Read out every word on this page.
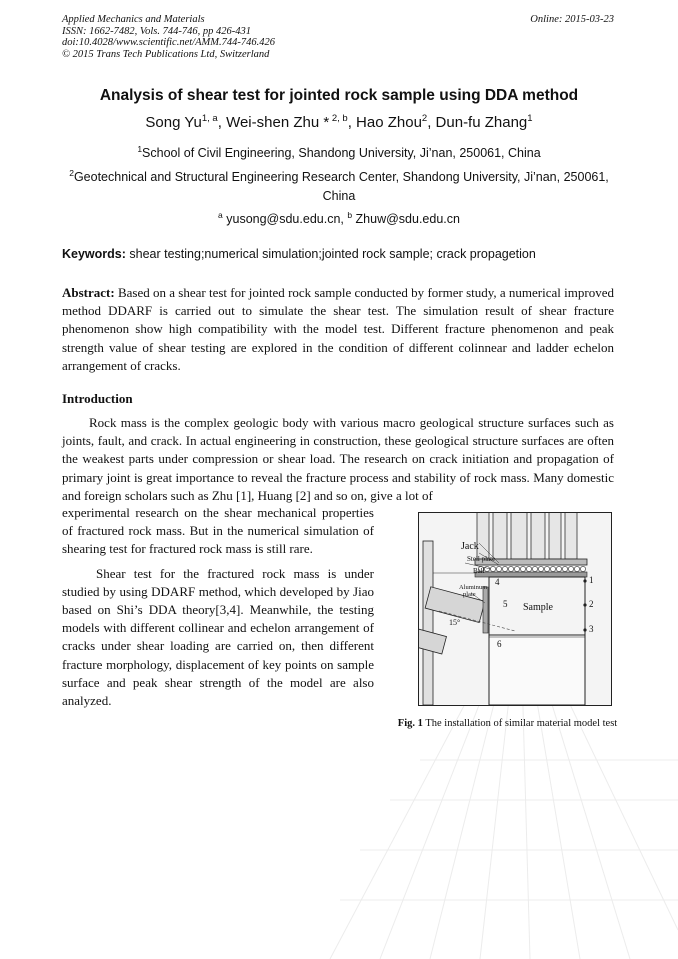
Applied Mechanics and Materials
ISSN: 1662-7482, Vols. 744-746, pp 426-431
doi:10.4028/www.scientific.net/AMM.744-746.426
© 2015 Trans Tech Publications Ltd, Switzerland
Online: 2015-03-23
Analysis of shear test for jointed rock sample using DDA method
Song Yu$^{1, a}$, Wei-shen Zhu * $^{2, b}$, Hao Zhou$^2$, Dun-fu Zhang$^1$
$^1$School of Civil Engineering, Shandong University, Ji’nan, 250061, China
$^2$Geotechnical and Structural Engineering Research Center, Shandong University, Ji’nan, 250061, China
$^a$ yusong@sdu.edu.cn, $^b$ Zhuw@sdu.edu.cn
Keywords: shear testing;numerical simulation;jointed rock sample; crack propagetion
Abstract: Based on a shear test for jointed rock sample conducted by former study, a numerical improved method DDARF is carried out to simulate the shear test. The simulation result of shear fracture phenomenon show high compatibility with the model test. Different fracture phenomenon and peak strength value of shear testing are explored in the condition of different colinnear and ladder echelon arrangement of cracks.
Introduction
Rock mass is the complex geologic body with various macro geological structure surfaces such as joints, fault, and crack. In actual engineering in construction, these geological structure surfaces are often the weakest parts under compression or shear load. The research on crack initiation and propagation of primary joint is great importance to reveal the fracture process and stability of rock mass. Many domestic and foreign scholars such as Zhu [1], Huang [2] and so on, give a lot of

experimental research on the shear mechanical properties of fractured rock mass. But in the numerical simulation of shearing test for fractured rock mass is still rare.

Shear test for the fractured rock mass is under studied by using DDARF method, which developed by Jiao based on Shi’s DDA theory[3,4]. Meanwhile, the testing models with different collinear and echelon arrangement of cracks under shear loading are carried on, then different fracture morphology, displacement of key points on sample surface and peak shear strength of the model are also analyzed.

Jack
Stell plate
Ball
Aluminum
plate
Sample
15°
1
2
3
4
5
6
Fig. 1 The installation of similar material model test
